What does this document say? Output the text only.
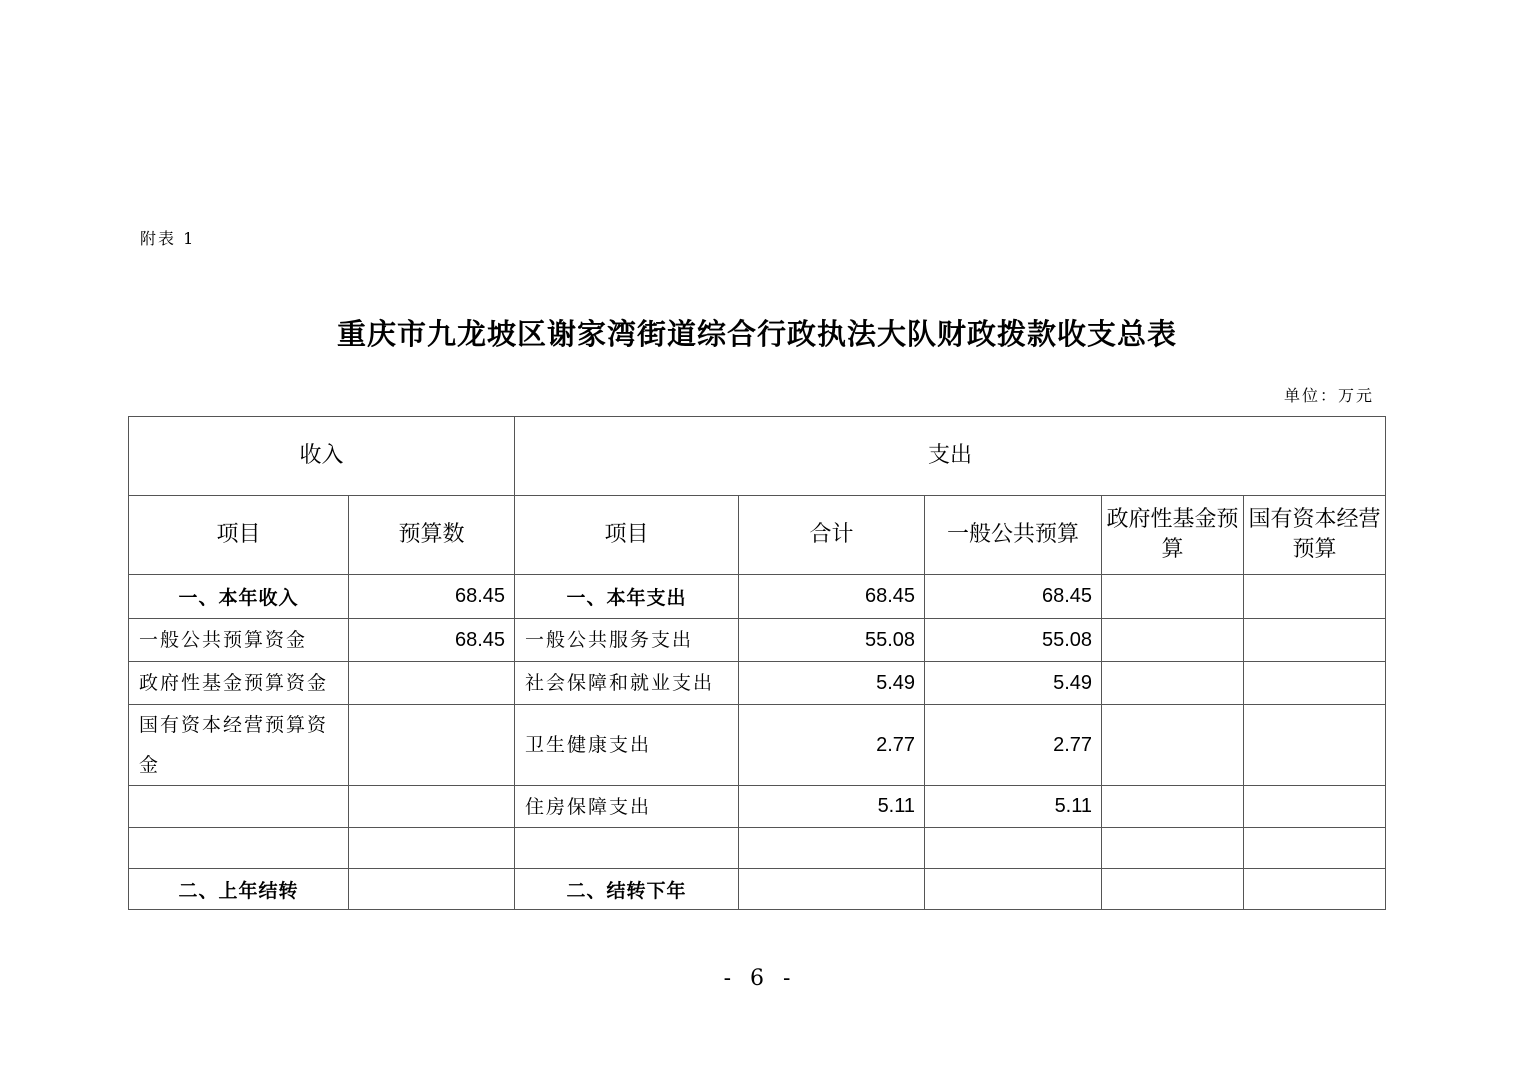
附表 1
重庆市九龙坡区谢家湾街道综合行政执法大队财政拨款收支总表
单位：万元
收入		支出				
项目	预算数	项目	合计	一般公共预算	政府性基金预算	国有资本经营预算
一、本年收入	68.45	一、本年支出	68.45	68.45		
一般公共预算资金	68.45	一般公共服务支出	55.08	55.08		
政府性基金预算资金		社会保障和就业支出	5.49	5.49		
国有资本经营预算资金		卫生健康支出	2.77	2.77		
		住房保障支出	5.11	5.11		

二、上年结转		二、结转下年				
- 6 -
